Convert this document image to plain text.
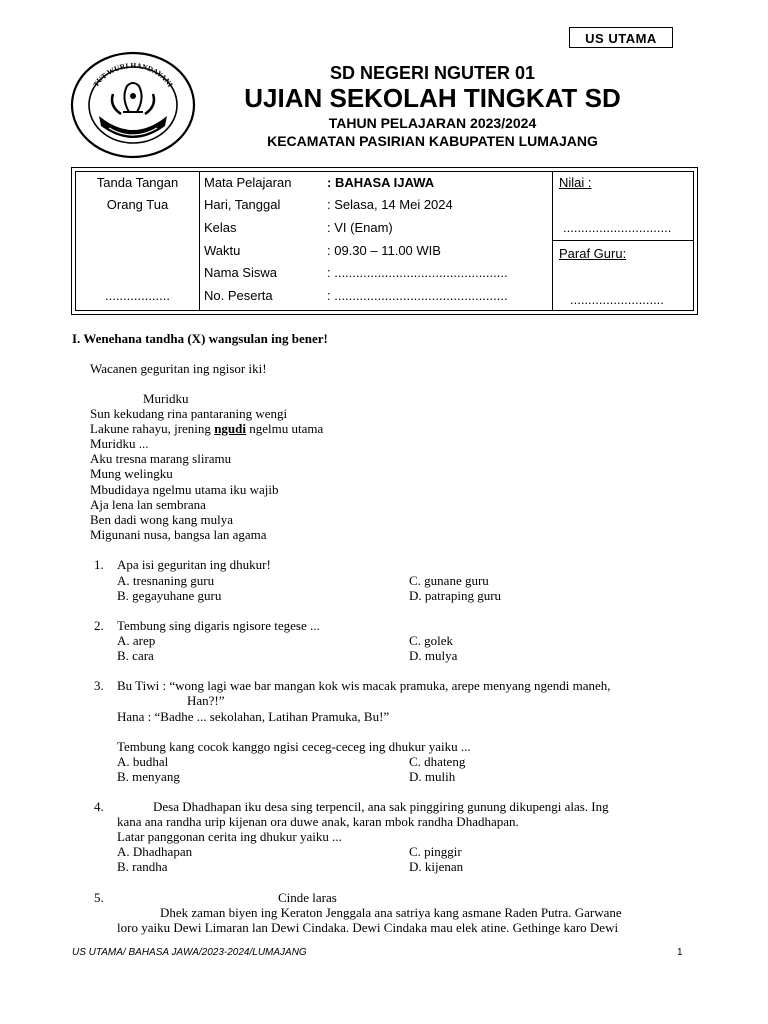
US UTAMA
TUT WURI HANDAYANI
SD NEGERI NGUTER 01
UJIAN SEKOLAH TINGKAT SD
TAHUN PELAJARAN 2023/2024
KECAMATAN PASIRIAN KABUPATEN LUMAJANG
Tanda Tangan
Orang Tua
..................
Mata Pelajaran	: BAHASA IJAWA
Hari, Tanggal	: Selasa, 14 Mei 2024
Kelas	: VI (Enam)
Waktu	: 09.30 – 11.00 WIB
Nama Siswa	: ................................................
No. Peserta	: ................................................
Nilai :
..............................
Paraf Guru:
..........................
I. Wenehana tandha (X) wangsulan ing bener!
Wacanen geguritan ing ngisor iki!
Muridku
Sun kekudang rina pantaraning wengi
Lakune rahayu, jrening ngudi ngelmu utama
Muridku ...
Aku tresna marang sliramu
Mung welingku
Mbudidaya ngelmu utama iku wajib
Aja lena lan sembrana
Ben dadi wong kang mulya
Migunani nusa, bangsa lan agama
1. Apa isi geguritan ing dhukur!
A. tresnaning guru
B. gegayuhane guru
C. gunane guru
D. patraping guru
2. Tembung sing digaris ngisore tegese ...
A. arep
B. cara
C. golek
D. mulya
3. Bu Tiwi : “wong lagi wae bar mangan kok wis macak pramuka, arepe menyang ngendi maneh,
Han?!”
Hana : “Badhe ... sekolahan, Latihan Pramuka, Bu!”
Tembung kang cocok kanggo ngisi ceceg-ceceg ing dhukur yaiku ...
A. budhal
B. menyang
C. dhateng
D. mulih
4.	Desa Dhadhapan iku desa sing terpencil, ana sak pinggiring gunung dikupengi alas. Ing
kana ana randha urip kijenan ora duwe anak, karan mbok randha Dhadhapan.
Latar panggonan cerita ing dhukur yaiku ...
A. Dhadhapan
B. randha
C. pinggir
D. kijenan
5.	Cinde laras
Dhek zaman biyen ing Keraton Jenggala ana satriya kang asmane Raden Putra. Garwane
loro yaiku Dewi Limaran lan Dewi Cindaka. Dewi Cindaka mau elek atine. Gethinge karo Dewi
US UTAMA/ BAHASA JAWA/2023-2024/LUMAJANG	1
